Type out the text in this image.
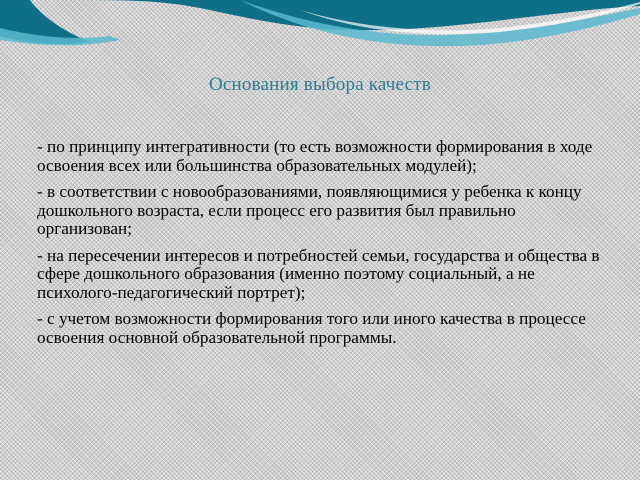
Основания выбора качеств

- по принципу интегративности (то есть возможности формирования в ходе освоения всех или большинства образовательных модулей);

- в соответствии с новообразованиями, появляющимися у ребенка к концу дошкольного возраста, если процесс его развития был правильно организован;

- на пересечении интересов и потребностей семьи, государства и общества в сфере дошкольного образования (именно поэтому социальный, а не психолого-педагогический портрет);

- с учетом возможности формирования того или иного качества в процессе освоения основной образовательной программы.
